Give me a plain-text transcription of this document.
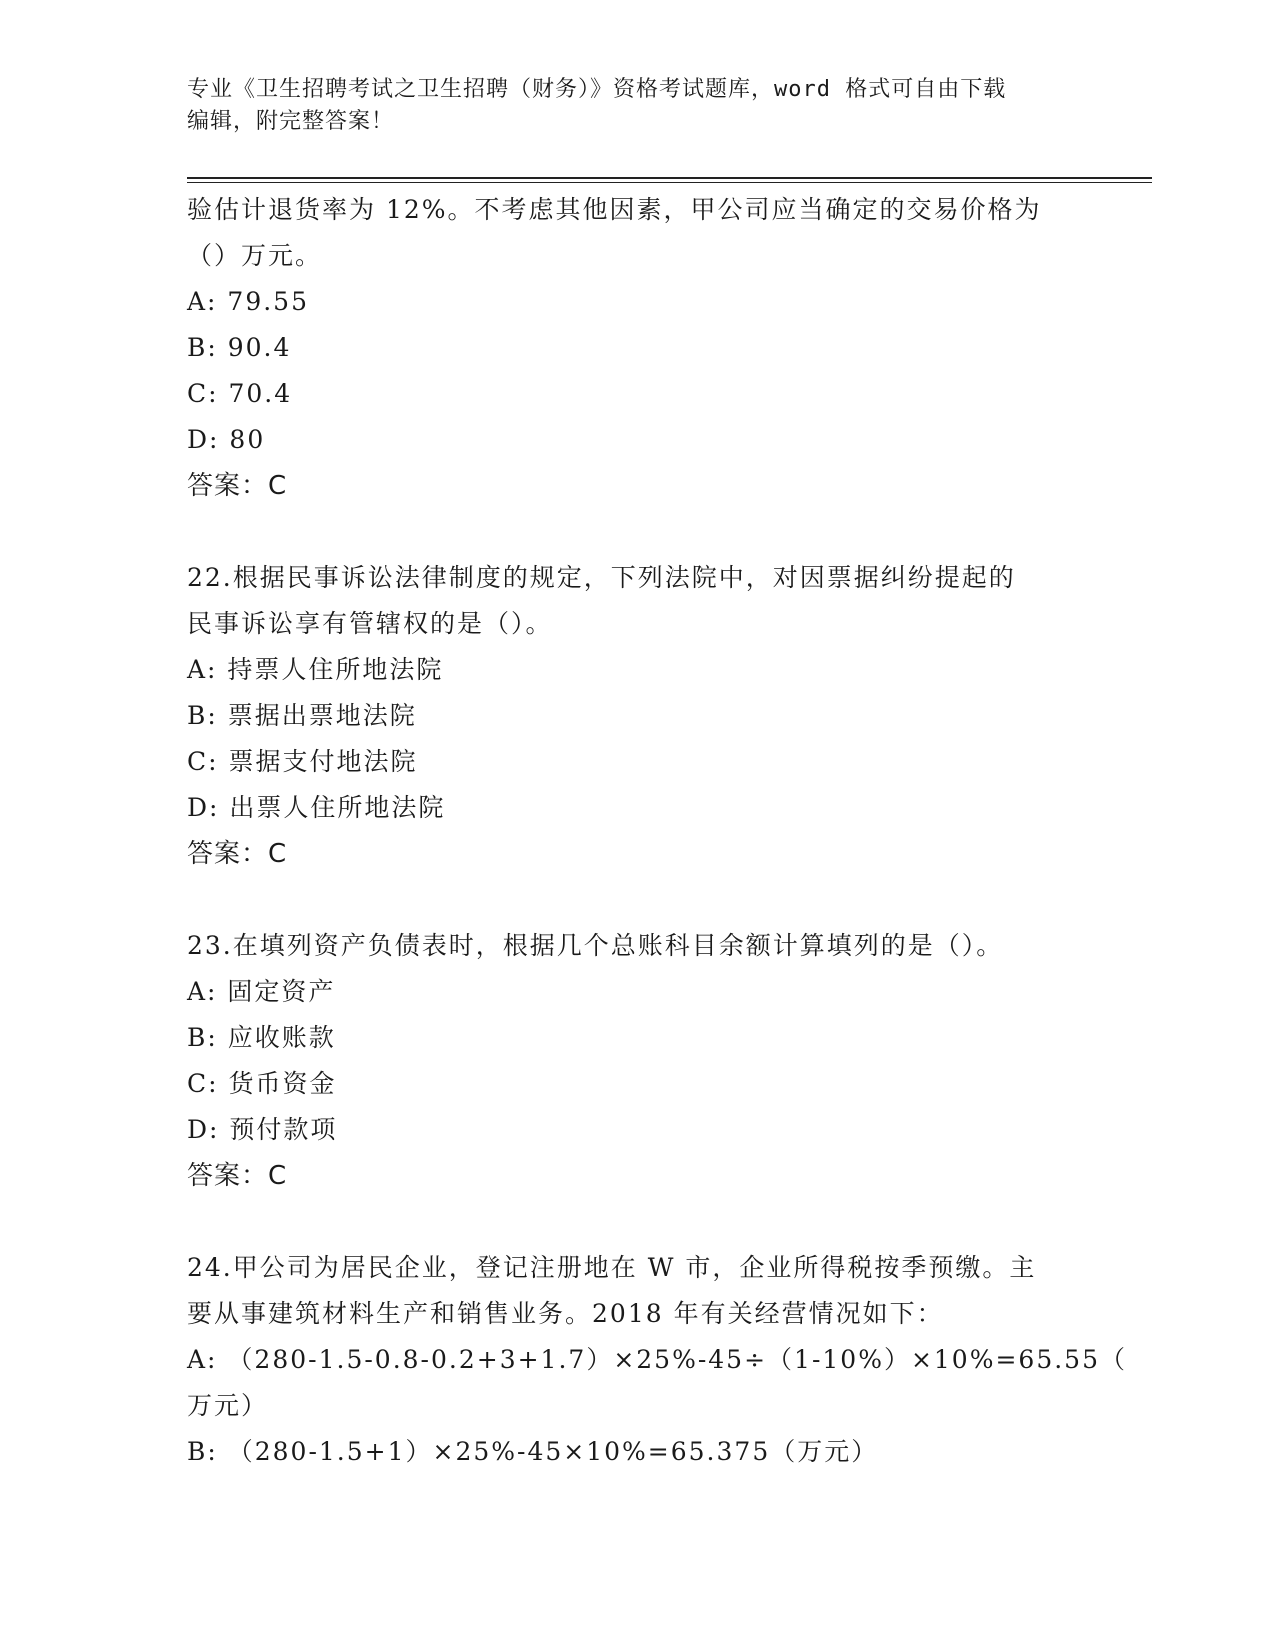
专业《卫生招聘考试之卫生招聘（财务）》资格考试题库，word 格式可自由下载
编辑，附完整答案！
验估计退货率为 12%。不考虑其他因素，甲公司应当确定的交易价格为
（）万元。
A: 79.55
B: 90.4
C: 70.4
D: 80
答案：C
22.根据民事诉讼法律制度的规定，下列法院中，对因票据纠纷提起的
民事诉讼享有管辖权的是（）。
A: 持票人住所地法院
B: 票据出票地法院
C: 票据支付地法院
D: 出票人住所地法院
答案：C
23.在填列资产负债表时，根据几个总账科目余额计算填列的是（）。
A: 固定资产
B: 应收账款
C: 货币资金
D: 预付款项
答案：C
24.甲公司为居民企业，登记注册地在 W 市，企业所得税按季预缴。主
要从事建筑材料生产和销售业务。2018 年有关经营情况如下：
A: （280-1.5-0.8-0.2+3+1.7）×25%-45÷（1-10%）×10%=65.55（
万元）
B: （280-1.5+1）×25%-45×10%=65.375（万元）
